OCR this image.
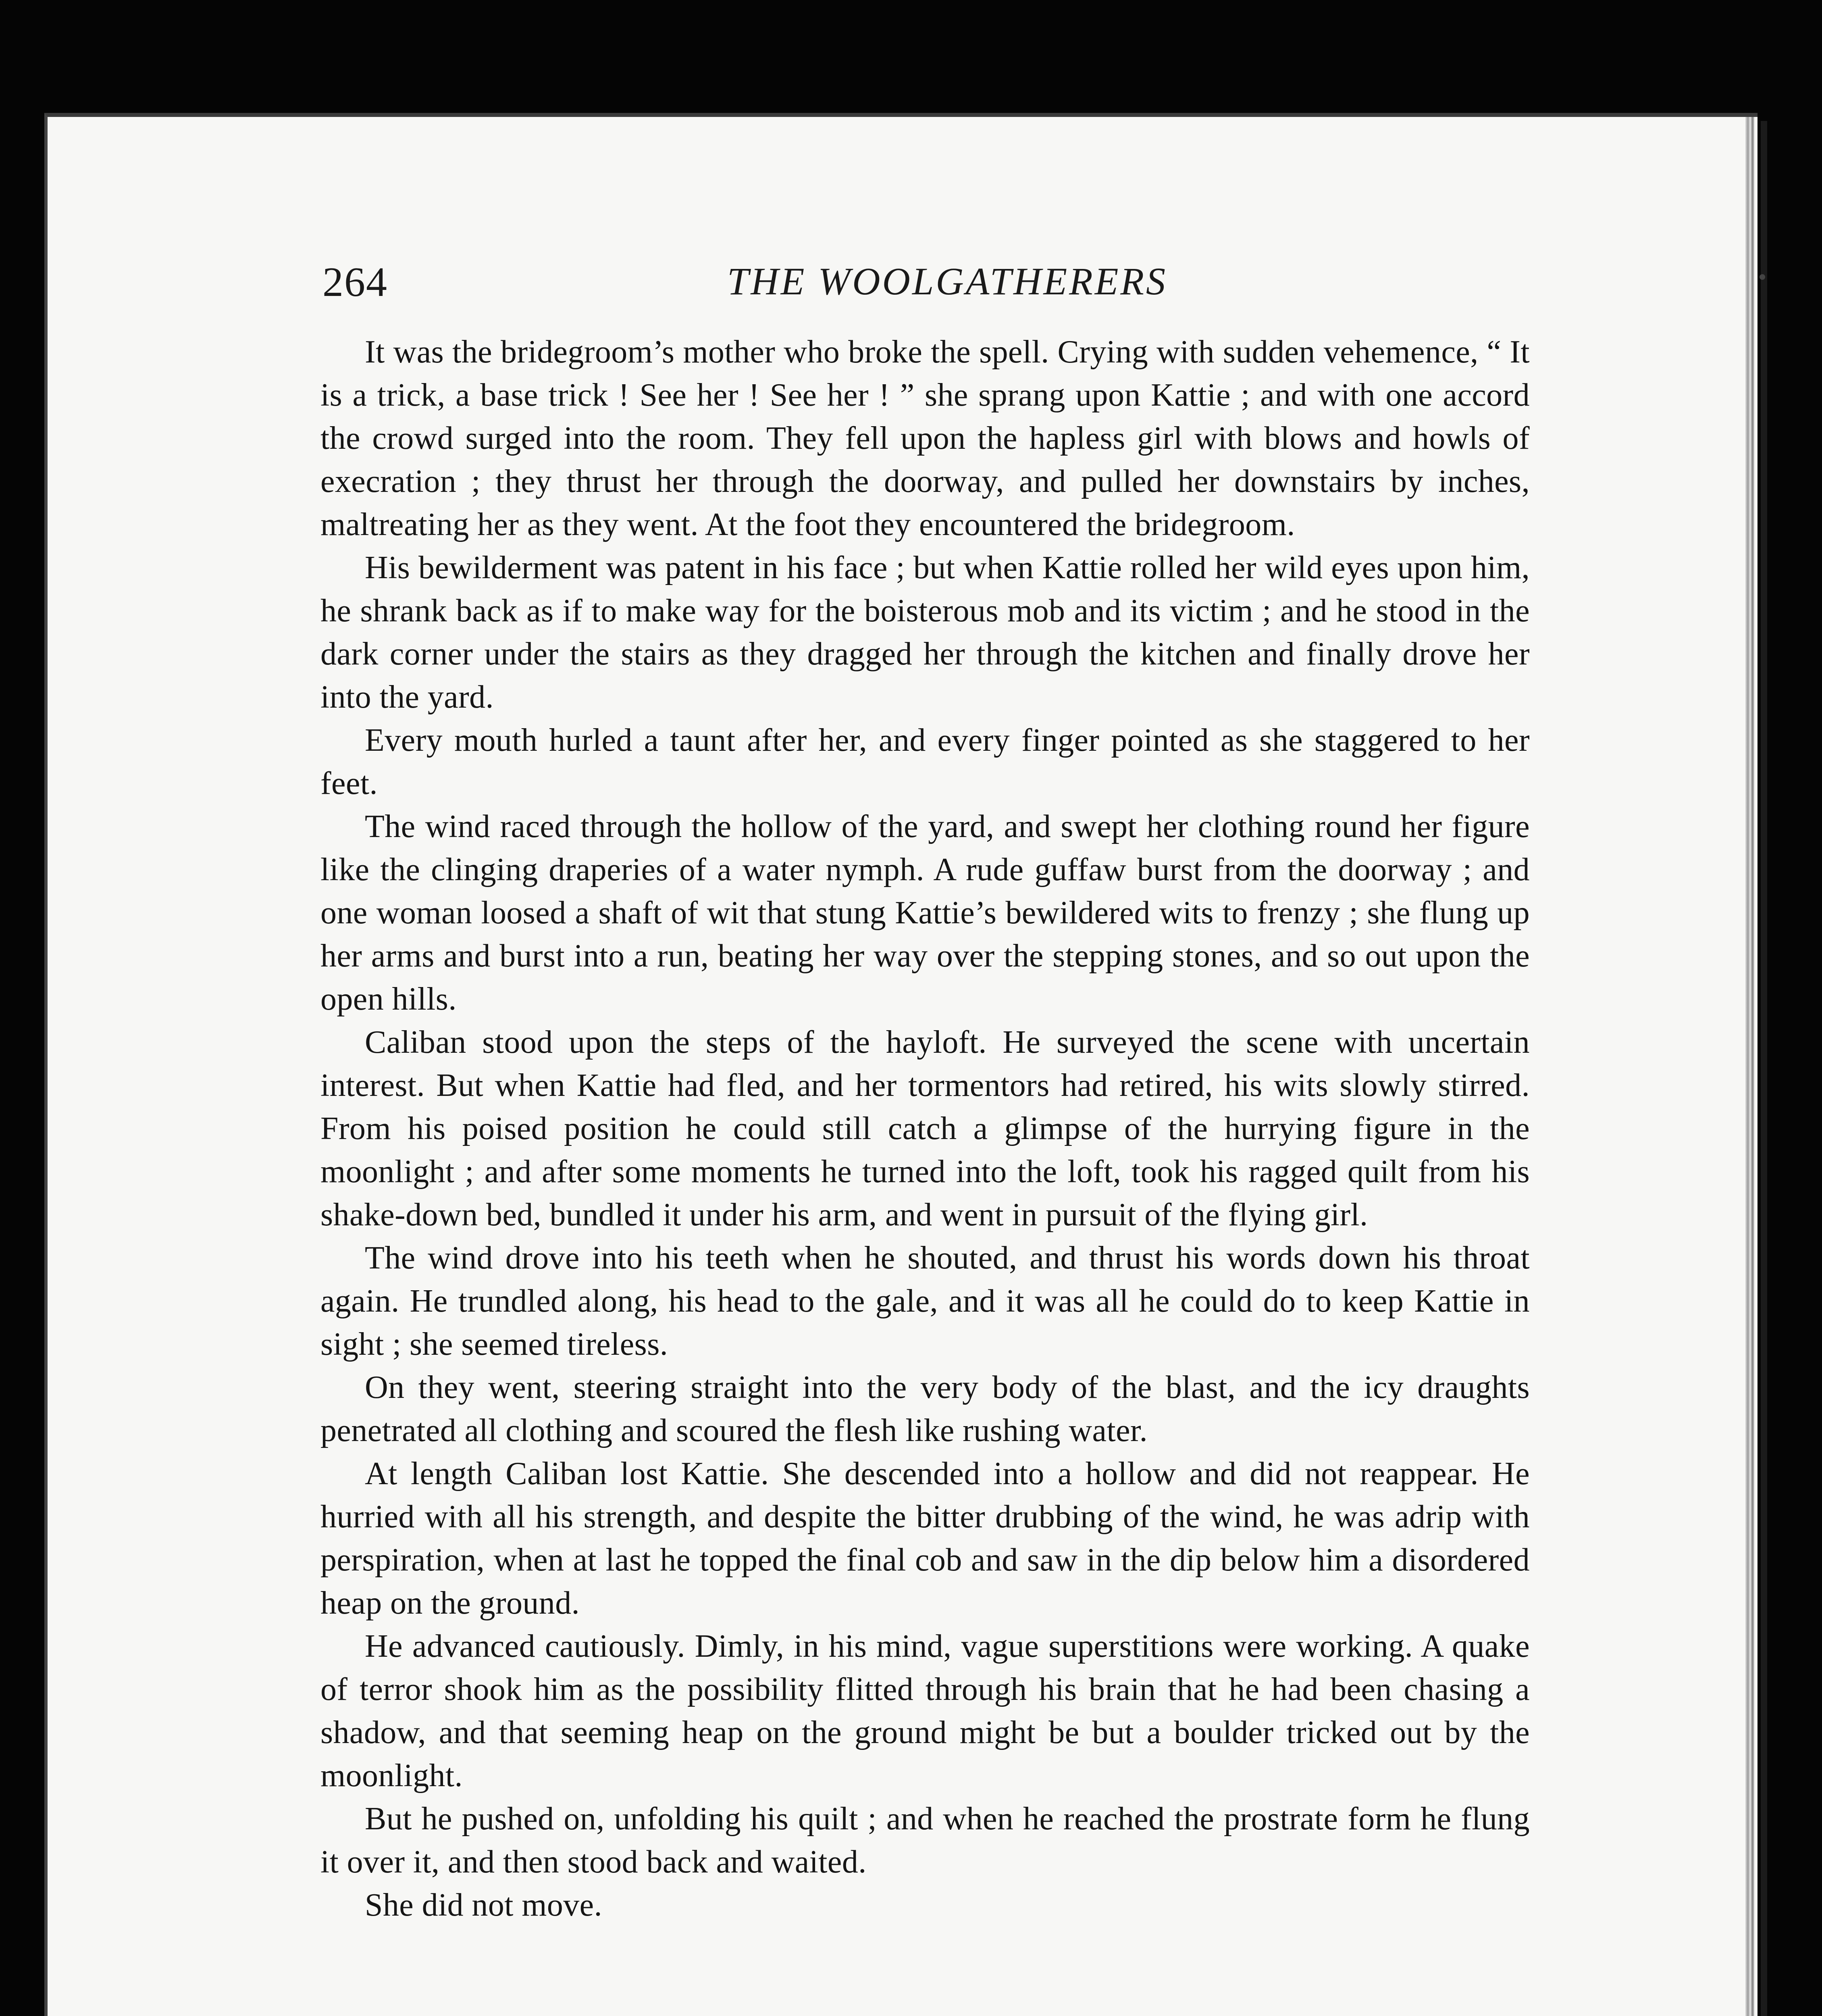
264	THE WOOLGATHERERS

It was the bridegroom’s mother who broke the spell. Crying with sudden vehemence, “ It is a trick, a base trick ! See her ! See her ! ” she sprang upon Kattie ; and with one accord the crowd surged into the room. They fell upon the hapless girl with blows and howls of execration ; they thrust her through the doorway, and pulled her downstairs by inches, maltreating her as they went. At the foot they encountered the bridegroom.

His bewilderment was patent in his face ; but when Kattie rolled her wild eyes upon him, he shrank back as if to make way for the boisterous mob and its victim ; and he stood in the dark corner under the stairs as they dragged her through the kitchen and finally drove her into the yard.

Every mouth hurled a taunt after her, and every finger pointed as she staggered to her feet.

The wind raced through the hollow of the yard, and swept her clothing round her figure like the clinging draperies of a water nymph. A rude guffaw burst from the doorway ; and one woman loosed a shaft of wit that stung Kattie’s bewildered wits to frenzy ; she flung up her arms and burst into a run, beating her way over the stepping stones, and so out upon the open hills.

Caliban stood upon the steps of the hayloft. He surveyed the scene with uncertain interest. But when Kattie had fled, and her tormentors had retired, his wits slowly stirred. From his poised position he could still catch a glimpse of the hurrying figure in the moonlight ; and after some moments he turned into the loft, took his ragged quilt from his shake-down bed, bundled it under his arm, and went in pursuit of the flying girl.

The wind drove into his teeth when he shouted, and thrust his words down his throat again. He trundled along, his head to the gale, and it was all he could do to keep Kattie in sight ; she seemed tireless.

On they went, steering straight into the very body of the blast, and the icy draughts penetrated all clothing and scoured the flesh like rushing water.

At length Caliban lost Kattie. She descended into a hollow and did not reappear. He hurried with all his strength, and despite the bitter drubbing of the wind, he was adrip with perspiration, when at last he topped the final cob and saw in the dip below him a disordered heap on the ground.

He advanced cautiously. Dimly, in his mind, vague superstitions were working. A quake of terror shook him as the possibility flitted through his brain that he had been chasing a shadow, and that seeming heap on the ground might be but a boulder tricked out by the moonlight.

But he pushed on, unfolding his quilt ; and when he reached the prostrate form he flung it over it, and then stood back and waited.

She did not move.
